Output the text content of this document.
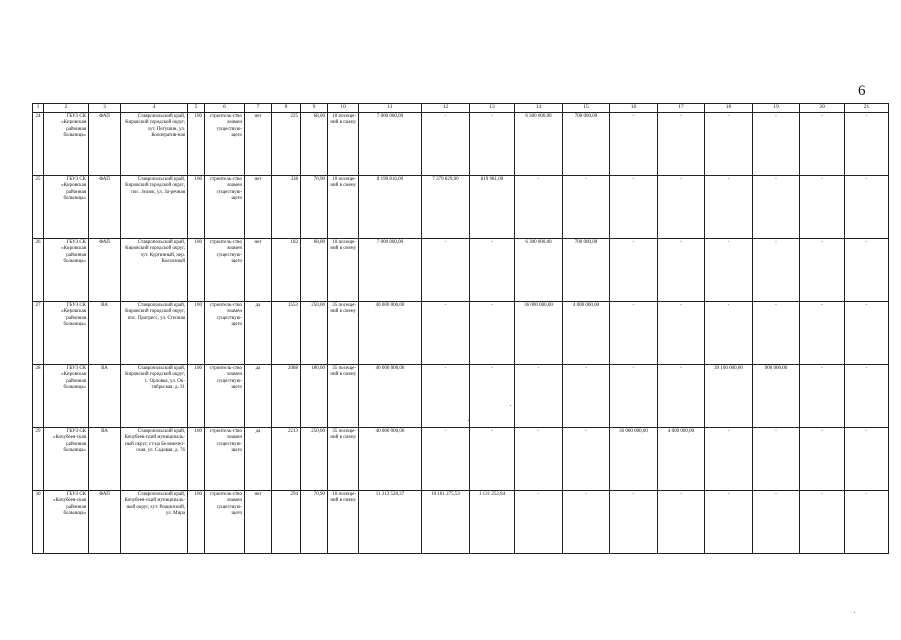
6
1	2	3	4	5	6	7	8	9	10	11	12	13	14	15	16	17	18	19	20	21
24	ГБУЗ СК «Кировская районная больница»	ФАП	Ставропольский край, Кировский городской округ, хут. Петушин, ул. Кооператив-ная	100	строитель-ство взамен существую-щего	нет	225	68,00	10 посеще-ний в смену	7 000 000,00	-	-	6 300 000,00	700 000,00	-	-	-	-	-	-
25	ГБУЗ СК «Кировская районная больница»	ФАП	Ставропольский край, Кировский городской округ, пос. Зелюк, ул. За-речная	100	строитель-ство взамен существую-щего	нет	338	70,90	10 посеще-ний в смену	8 199 810,00	7 379 829,00	819 981,00	-	-	-	-	-	-	-	-
26	ГБУЗ СК «Кировская районная больница»	ФАП	Ставропольский край, Кировский городской округ, хут. Кургинный, пер. Колхозный	100	строитель-ство взамен существую-щего	нет	182	68,00	10 посеще-ний в смену	7 000 000,00	-	-	6 300 000,00	700 000,00	-	-	-	-	-	-
27	ГБУЗ СК «Кировская районная больница»	ВА	Ставропольский край, Кировский городской округ, пос. Прогресс, ул. Степная	100	строитель-ство взамен существую-щего	да	1553	250,00	35 посеще-ний в смену	40 000 000,00	-	-	36 000 000,00	4 000 000,00	-	-	-	-	-	-
28	ГБУЗ СК «Кировская районная больница»	ВА	Ставропольский край, Кировский городской округ, с. Орловка, ул. Ок-тябрьская, д. 31	100	строитель-ство взамен существую-щего	да	2088	180,00	35 посеще-ний в смену	40 000 000,00	-	-	-	-	-	-	39 100 000,00	900 000,00	-	-
29	ГБУЗ СК «Кочубеев-ская районная больница»	ВА	Ставропольский край, Кочубеев-ский муниципаль-ный округ, ст-ца Беломечет-ская, ул. Садовая, д. 76	100	строитель-ство взамен существую-щего	да	2213	250,00	35 посеще-ний в смену	40 000 000,00	-	-	-	-	36 000 000,00	4 000 000,00	-	-	-	-
30	ГБУЗ СК «Кочубеев-ская районная больница»	ФАП	Ставропольский край, Кочубеев-ский муниципаль-ный округ, хут. Рощинский, ул. Мира	100	строитель-ство взамен существую-щего	нет	294	70,90	10 посеще-ний в смену	11 312 528,37	10 181 275,53	1 131 252,84	-	-	-	-	-	-	-	-
